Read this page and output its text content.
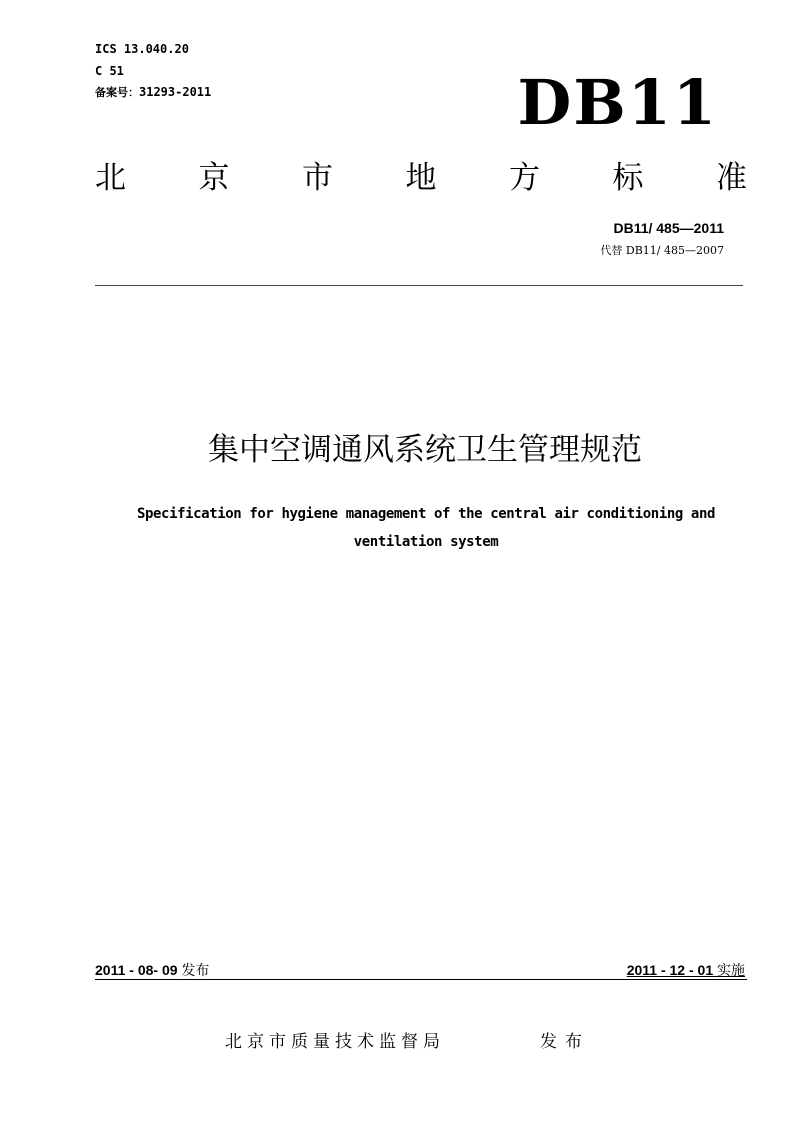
ICS 13.040.20
C 51
备案号：31293-2011	DB11
北 京 市 地 方 标 准
DB11/ 485—2011
代替 DB11/ 485—2007
集中空调通风系统卫生管理规范
Specification for hygiene management of the central air conditioning and ventilation system
2011 - 08- 09 发布	2011 - 12 - 01 实施
北京市质量技术监督局	发布
